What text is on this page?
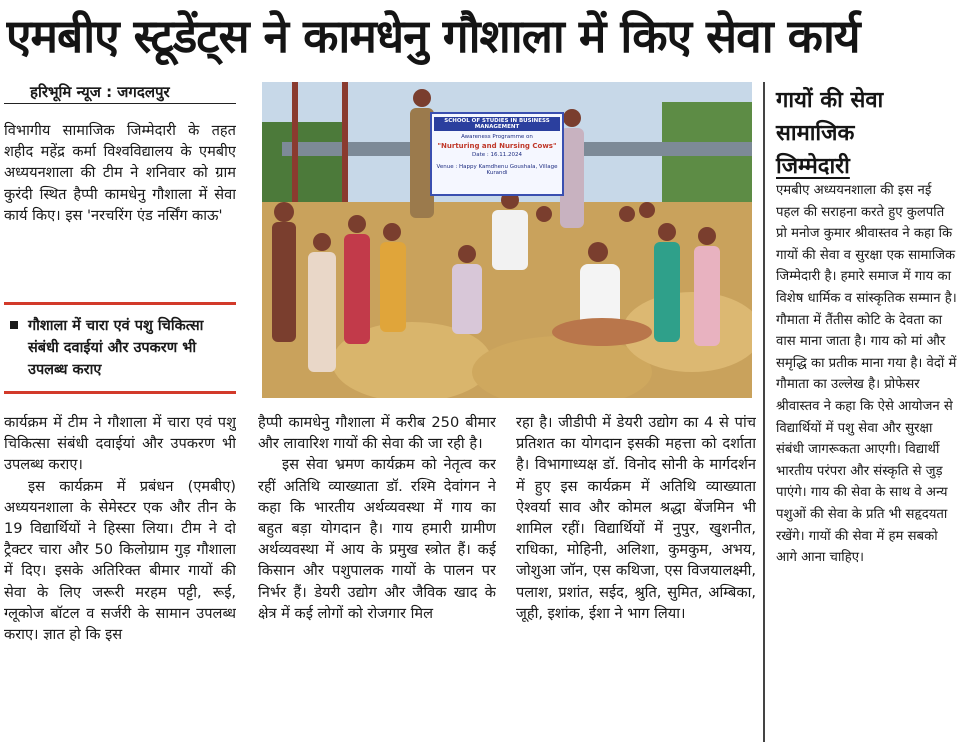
एमबीए स्टूडेंट्स ने कामधेनु गौशाला में किए सेवा कार्य
हरिभूमि न्यूज : जगदलपुर
विभागीय सामाजिक जिम्मेदारी के तहत शहीद महेंद्र कर्मा विश्वविद्यालय के एमबीए अध्ययनशाला की टीम ने शनिवार को ग्राम कुरंदी स्थित हैप्पी कामधेनु गौशाला में सेवा कार्य किए। इस 'नरचरिंग एंड नर्सिंग काऊ'
गौशाला में चारा एवं पशु चिकित्सा संबंधी दवाईयां और उपकरण भी उपलब्ध कराए
कार्यक्रम में टीम ने गौशाला में चारा एवं पशु चिकित्सा संबंधी दवाईयां और उपकरण भी उपलब्ध कराए।
इस कार्यक्रम में प्रबंधन (एमबीए) अध्ययनशाला के सेमेस्टर एक और तीन के 19 विद्यार्थियों ने हिस्सा लिया। टीम ने दो ट्रैक्टर चारा और 50 किलोग्राम गुड़ गौशाला में दिए। इसके अतिरिक्त बीमार गायों की सेवा के लिए जरूरी मरहम पट्टी, रूई, ग्लूकोज बॉटल व सर्जरी के सामान उपलब्ध कराए। ज्ञात हो कि इस
हैप्पी कामधेनु गौशाला में करीब 250 बीमार और लावारिश गायों की सेवा की जा रही है।
इस सेवा भ्रमण कार्यक्रम को नेतृत्व कर रहीं अतिथि व्याख्याता डॉ. रश्मि देवांगन ने कहा कि भारतीय अर्थव्यवस्था में गाय का बहुत बड़ा योगदान है। गाय हमारी ग्रामीण अर्थव्यवस्था में आय के प्रमुख स्त्रोत हैं। कई किसान और पशुपालक गायों के पालन पर निर्भर हैं। डेयरी उद्योग और जैविक खाद के क्षेत्र में कई लोगों को रोजगार मिल
रहा है। जीडीपी में डेयरी उद्योग का 4 से पांच प्रतिशत का योगदान इसकी महत्ता को दर्शाता है। विभागाध्यक्ष डॉ. विनोद सोनी के मार्गदर्शन में हुए इस कार्यक्रम में अतिथि व्याख्याता ऐश्वर्या साव और कोमल श्रद्धा बेंजमिन भी शामिल रहीं। विद्यार्थियों में नुपुर, खुशनीत, राधिका, मोहिनी, अलिशा, कुमकुम, अभय, जोशुआ जॉन, एस कथिजा, एस विजयालक्ष्मी, पलाश, प्रशांत, सईद, श्रुति, सुमित, अम्बिका, जूही, इशांक, ईशा ने भाग लिया।
SCHOOL OF STUDIES IN BUSINESS MANAGEMENT
Awareness Programme on
"Nurturing and Nursing Cows"
Date : 16.11.2024
Venue : Happy Kamdhenu Goushala, Village Kurandi
गायों की सेवा
सामाजिक
जिम्मेदारी
एमबीए अध्ययनशाला की इस नई पहल की सराहना करते हुए कुलपति प्रो मनोज कुमार श्रीवास्तव ने कहा कि गायों की सेवा व सुरक्षा एक सामाजिक जिम्मेदारी है। हमारे समाज में गाय का विशेष धार्मिक व सांस्कृतिक सम्मान है। गौमाता में तैंतीस कोटि के देवता का वास माना जाता है। गाय को मां और समृद्धि का प्रतीक माना गया है। वेदों में गौमाता का उल्लेख है। प्रोफेसर श्रीवास्तव ने कहा कि ऐसे आयोजन से विद्यार्थियों में पशु सेवा और सुरक्षा संबंधी जागरूकता आएगी। विद्यार्थी भारतीय परंपरा और संस्कृति से जुड़ पाएंगे। गाय की सेवा के साथ वे अन्य पशुओं की सेवा के प्रति भी सहृदयता रखेंगे। गायों की सेवा में हम सबको आगे आना चाहिए।
